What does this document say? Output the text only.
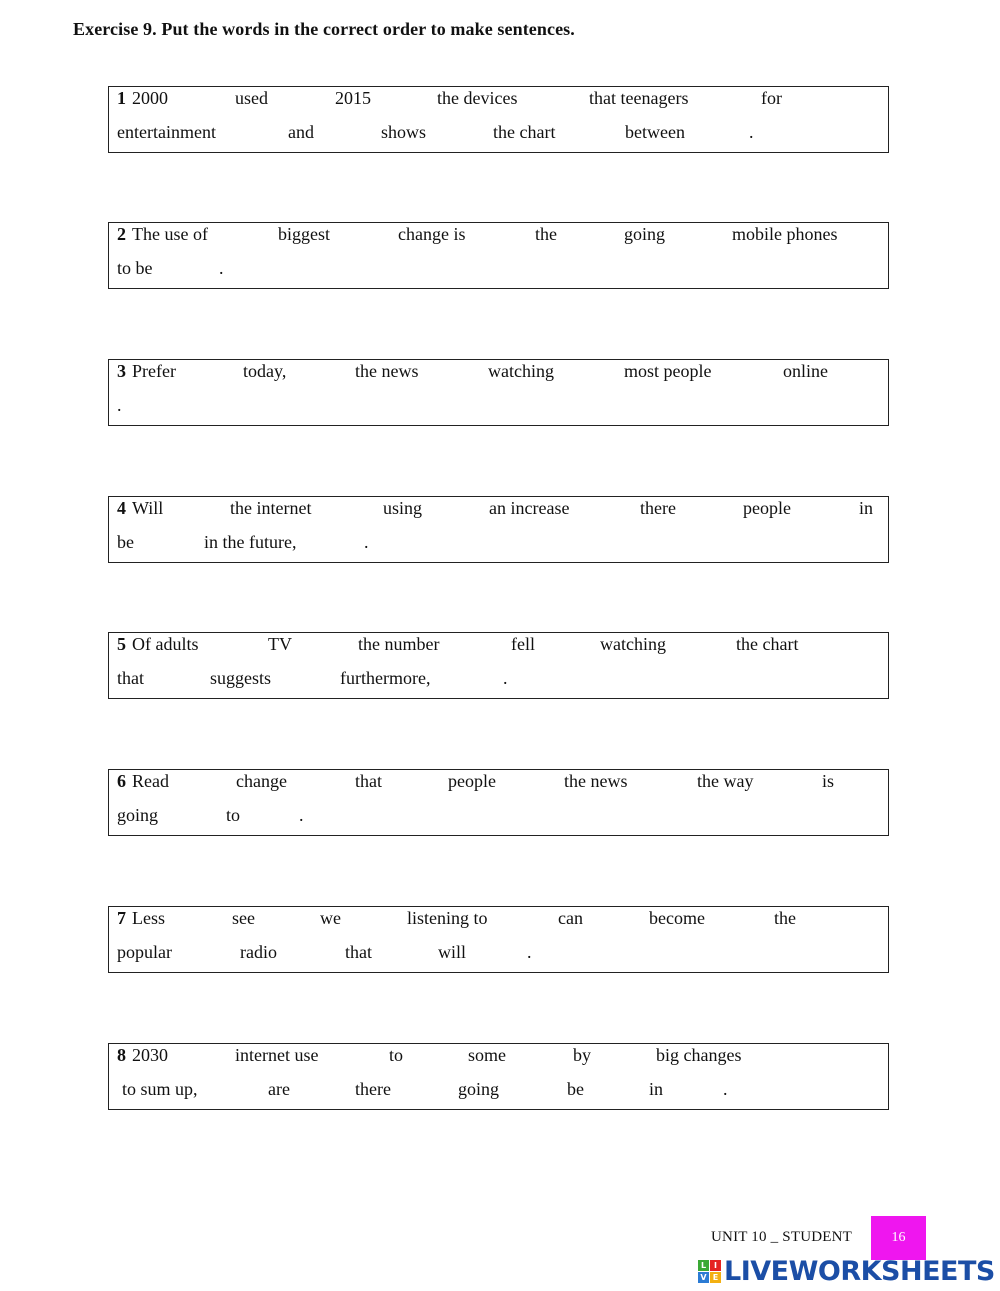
Exercise 9. Put the words in the correct order to make sentences.
1 2000	used	2015	the devices	that teenagers	for
entertainment	and	shows	the chart	between	.
2 The use of	biggest	change is	the	going	mobile phones
to be	.
3 Prefer	today,	the news	watching	most people	online
.
4 Will	the internet	using	an increase	there	people	in
be	in the future,	.
5 Of adults	TV	the number	fell	watching	the chart
that	suggests	furthermore,	.
6 Read	change	that	people	the news	the way	is
going	to	.
7 Less	see	we	listening to	can	become	the
popular	radio	that	will	.
8 2030	internet use	to	some	by	big changes
to sum up,	are	there	going	be	in	.
UNIT 10 _ STUDENT	16
L I
V E LIVEWORKSHEETS
